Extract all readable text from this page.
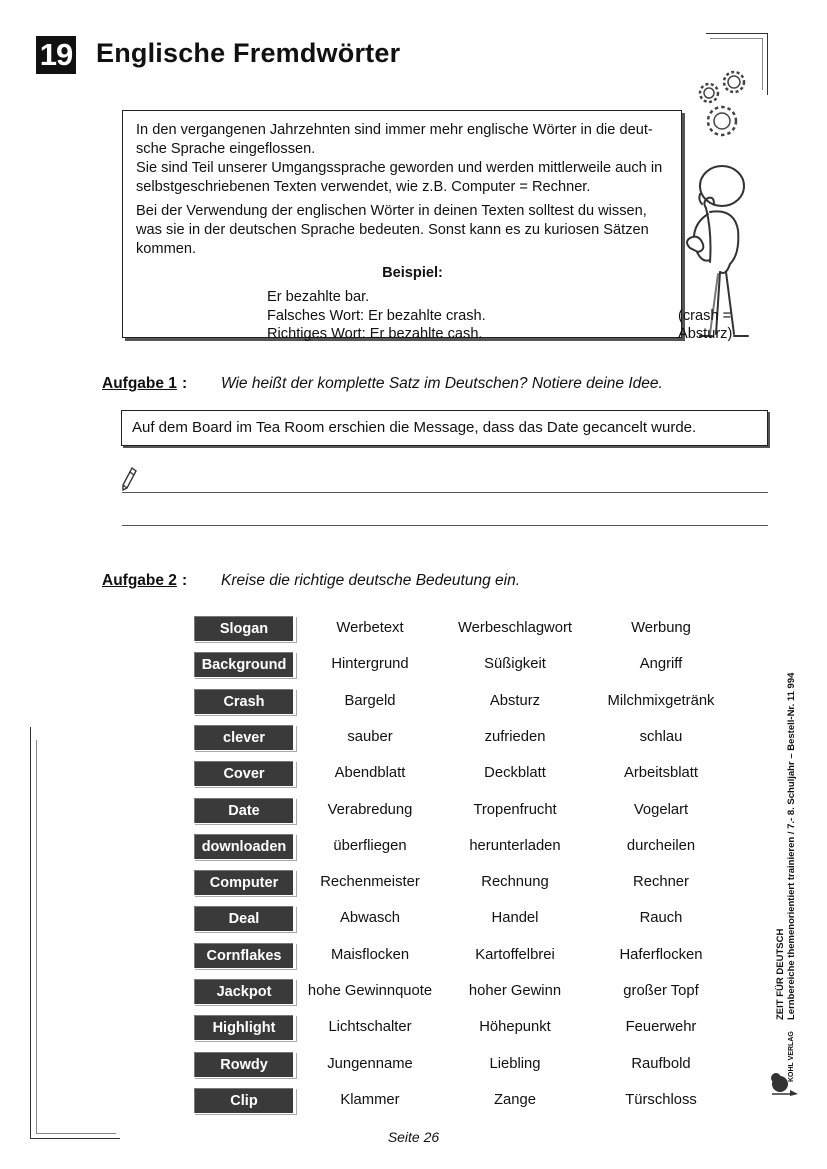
19 Englische Fremdwörter

In den vergangenen Jahrzehnten sind immer mehr englische Wörter in die deut-sche Sprache eingeflossen.

Sie sind Teil unserer Umgangssprache geworden und werden mittlerweile auch in selbstgeschriebenen Texten verwendet, wie z.B. Computer = Rechner.

Bei der Verwendung der englischen Wörter in deinen Texten solltest du wissen, was sie in der deutschen Sprache bedeuten. Sonst kann es zu kuriosen Sätzen kommen.

Beispiel:
Er bezahlte bar.
Falsches Wort: Er bezahlte crash.	(crash = Absturz)
Richtiges Wort: Er bezahlte cash.
Aufgabe 1 : Wie heißt der komplette Satz im Deutschen? Notiere deine Idee.
Auf dem Board im Tea Room erschien die Message, dass das Date gecancelt wurde.
Aufgabe 2 : Kreise die richtige deutsche Bedeutung ein.
Slogan	Werbetext	Werbeschlagwort	Werbung
Background	Hintergrund	Süßigkeit	Angriff
Crash	Bargeld	Absturz	Milchmixgetränk
clever	sauber	zufrieden	schlau
Cover	Abendblatt	Deckblatt	Arbeitsblatt
Date	Verabredung	Tropenfrucht	Vogelart
downloaden	überfliegen	herunterladen	durcheilen
Computer	Rechenmeister	Rechnung	Rechner
Deal	Abwasch	Handel	Rauch
Cornflakes	Maisflocken	Kartoffelbrei	Haferflocken
Jackpot	hohe Gewinnquote	hoher Gewinn	großer Topf
Highlight	Lichtschalter	Höhepunkt	Feuerwehr
Rowdy	Jungenname	Liebling	Raufbold
Clip	Klammer	Zange	Türschloss
ZEIT FÜR DEUTSCH Lernbereiche themenorientiert trainieren / 7.- 8. Schuljahr – Bestell-Nr. 11 994
KOHL VERLAG
Seite 26
